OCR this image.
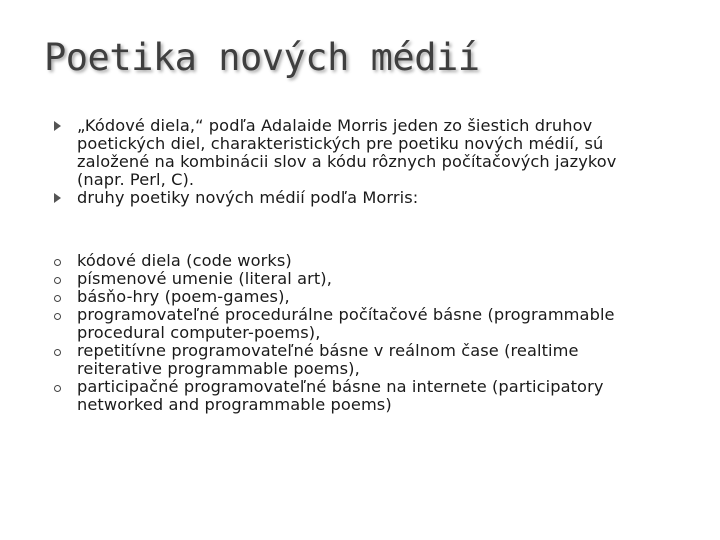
Poetika nových médií
„Kódové diela,“ podľa Adalaide Morris jeden zo šiestich druhov poetických diel, charakteristických pre poetiku nových médií, sú založené na kombinácii slov a kódu rôznych počítačových jazykov (napr. Perl, C).
druhy poetiky nových médií podľa Morris:
kódové diela (code works)
písmenové umenie (literal art),
básňo-hry (poem-games),
programovateľné procedurálne počítačové básne (programmable procedural computer-poems),
repetitívne programovateľné básne v reálnom čase (realtime reiterative programmable poems),
participačné programovateľné básne na internete (participatory networked and programmable poems)
